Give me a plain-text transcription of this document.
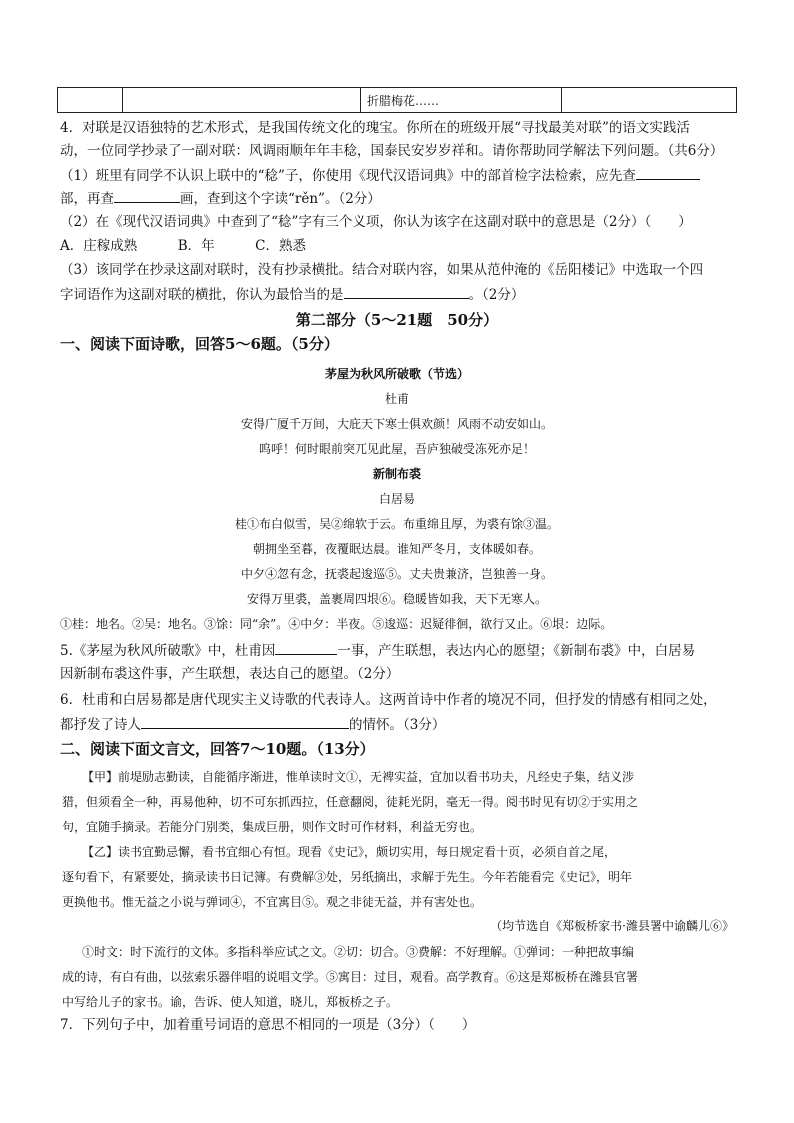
		折腊梅花……	
4．对联是汉语独特的艺术形式，是我国传统文化的瑰宝。你所在的班级开展“寻找最美对联”的语文实践活
动，一位同学抄录了一副对联：风调雨顺年年丰稔，国泰民安岁岁祥和。请你帮助同学解法下列问题。（共6分）
（1）班里有同学不认识上联中的“稔”子，你使用《现代汉语词典》中的部首检字法检索，应先查
部，再查	画，查到这个字读“rěn”。（2分）
（2）在《现代汉语词典》中查到了“稔”字有三个义项，你认为该字在这副对联中的意思是（2分）（　　）
A．庄稼成熟　　　B．年　　　C．熟悉
（3）该同学在抄录这副对联时，没有抄录横批。结合对联内容，如果从范仲淹的《岳阳楼记》中选取一个四
字词语作为这副对联的横批，你认为最恰当的是	。（2分）
第二部分（5～21题　50分）
一、阅读下面诗歌，回答5～6题。（5分）
茅屋为秋风所破歌（节选）
杜甫
安得广厦千万间，大庇天下寒士俱欢颜！风雨不动安如山。
呜呼！何时眼前突兀见此屋，吾庐独破受冻死亦足！
新制布裘
白居易
桂①布白似雪，吴②绵软于云。布重绵且厚，为裘有馀③温。
朝拥坐至暮，夜覆眠达晨。谁知严冬月，支体暖如春。
中夕④忽有念，抚裘起逡巡⑤。丈夫贵兼济，岂独善一身。
安得万里裘，盖裹周四垠⑥。稳暖皆如我，天下无寒人。
①桂：地名。②吴：地名。③馀：同“余”。④中夕：半夜。⑤逡巡：迟疑徘徊，欲行又止。⑥垠：边际。
5.《茅屋为秋风所破歌》中，杜甫因	一事，产生联想，表达内心的愿望；《新制布裘》中，白居易
因新制布裘这件事，产生联想，表达自己的愿望。（2分）
6．杜甫和白居易都是唐代现实主义诗歌的代表诗人。这两首诗中作者的境况不同，但抒发的情感有相同之处，
都抒发了诗人	的情怀。（3分）
二、阅读下面文言文，回答7～10题。（13分）
【甲】前堤励志勤读，自能循序渐进，惟单读时文①，无裨实益，宜加以看书功夫，凡经史子集，结义涉
猎，但须看全一种，再易他种，切不可东抓西拉，任意翻阅，徒耗光阴，毫无一得。阅书时见有切②于实用之
句，宜随手摘录。若能分门别类，集成巨册，则作文时可作材料，利益无穷也。
【乙】读书宜勤忌懈，看书宜细心有恒。现看《史记》，颇切实用，每日规定看十页，必须自首之尾，
逐句看下，有紧要处，摘录读书日记簿。有费解③处，另纸摘出，求解于先生。今年若能看完《史记》，明年
更换他书。惟无益之小说与弹词④，不宜寓目⑤。观之非徒无益，并有害处也。
（均节选自《郑板桥家书·潍县署中谕麟儿⑥》
①时文：时下流行的文体。多指科举应试之文。②切：切合。③费解：不好理解。①弹词：一种把故事编
成的诗，有白有曲，以弦索乐器伴唱的说唱文学。⑤寓目：过目，观看。高学教育。⑥这是郑板桥在潍县官署
中写给儿子的家书。谕，告诉、使人知道，晓儿，郑板桥之子。
7．下列句子中，加着重号词语的意思不相同的一项是（3分）（　　）
